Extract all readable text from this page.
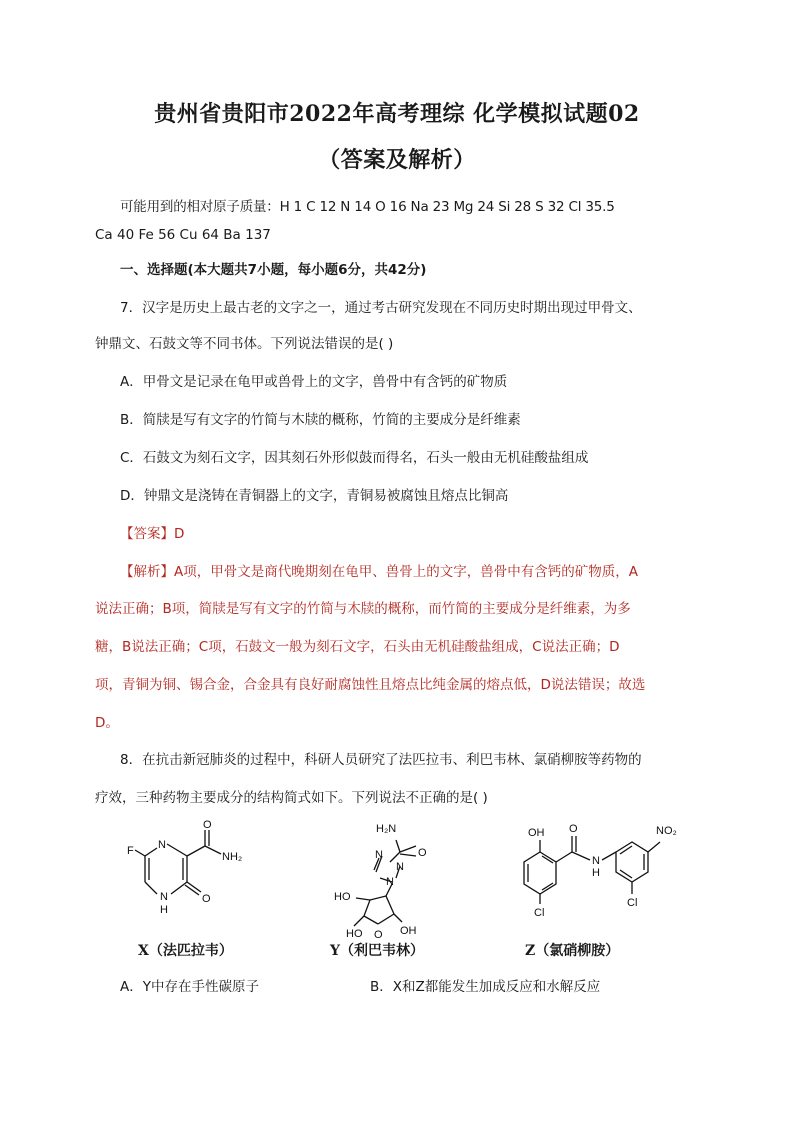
贵州省贵阳市2022年高考理综 化学模拟试题02
（答案及解析）
可能用到的相对原子质量：H 1 C 12 N 14 O 16 Na 23 Mg 24 Si 28 S 32 Cl 35.5
Ca 40 Fe 56 Cu 64 Ba 137
一、选择题(本大题共7小题，每小题6分，共42分)
7．汉字是历史上最古老的文字之一，通过考古研究发现在不同历史时期出现过甲骨文、
钟鼎文、石鼓文等不同书体。下列说法错误的是( )
A．甲骨文是记录在龟甲或兽骨上的文字，兽骨中有含钙的矿物质
B．简牍是写有文字的竹简与木牍的概称，竹简的主要成分是纤维素
C．石鼓文为刻石文字，因其刻石外形似鼓而得名，石头一般由无机硅酸盐组成
D．钟鼎文是浇铸在青铜器上的文字，青铜易被腐蚀且熔点比铜高
【答案】D
【解析】A项，甲骨文是商代晚期刻在龟甲、兽骨上的文字，兽骨中有含钙的矿物质，A
说法正确；B项，简牍是写有文字的竹简与木牍的概称，而竹简的主要成分是纤维素，为多
糖，B说法正确；C项，石鼓文一般为刻石文字，石头由无机硅酸盐组成，C说法正确；D
项，青铜为铜、锡合金，合金具有良好耐腐蚀性且熔点比纯金属的熔点低，D说法错误；故选
D。
8．在抗击新冠肺炎的过程中，科研人员研究了法匹拉韦、利巴韦林、氯硝柳胺等药物的
疗效，三种药物主要成分的结构简式如下。下列说法不正确的是( )
F N
O
NH₂
N
H
O
H₂N
O
N
N
N
HO
O
HO	OH
OH O	NO₂
N
H
Cl
Cl
X（法匹拉韦）	Y（利巴韦林）	Z（氯硝柳胺）
A．Y中存在手性碳原子	B．X和Z都能发生加成反应和水解反应
